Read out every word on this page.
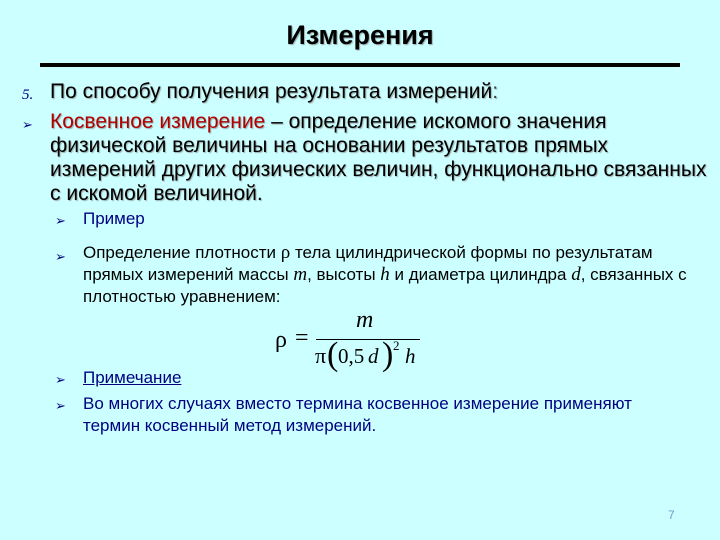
Измерения
5. По способу получения результата измерений:
➢ Косвенное измерение – определение искомого значения физической величины на основании результатов прямых измерений других физических величин, функционально связанных с искомой величиной.
➢ Пример
➢ Определение плотности ρ тела цилиндрической формы по результатам прямых измерений массы m, высоты h и диаметра цилиндра d, связанных с плотностью уравнением:
ρ =
m
π ( 0,5 d ) 2 h
➢ Примечание
➢ Во многих случаях вместо термина косвенное измерение применяют термин косвенный метод измерений.
7
